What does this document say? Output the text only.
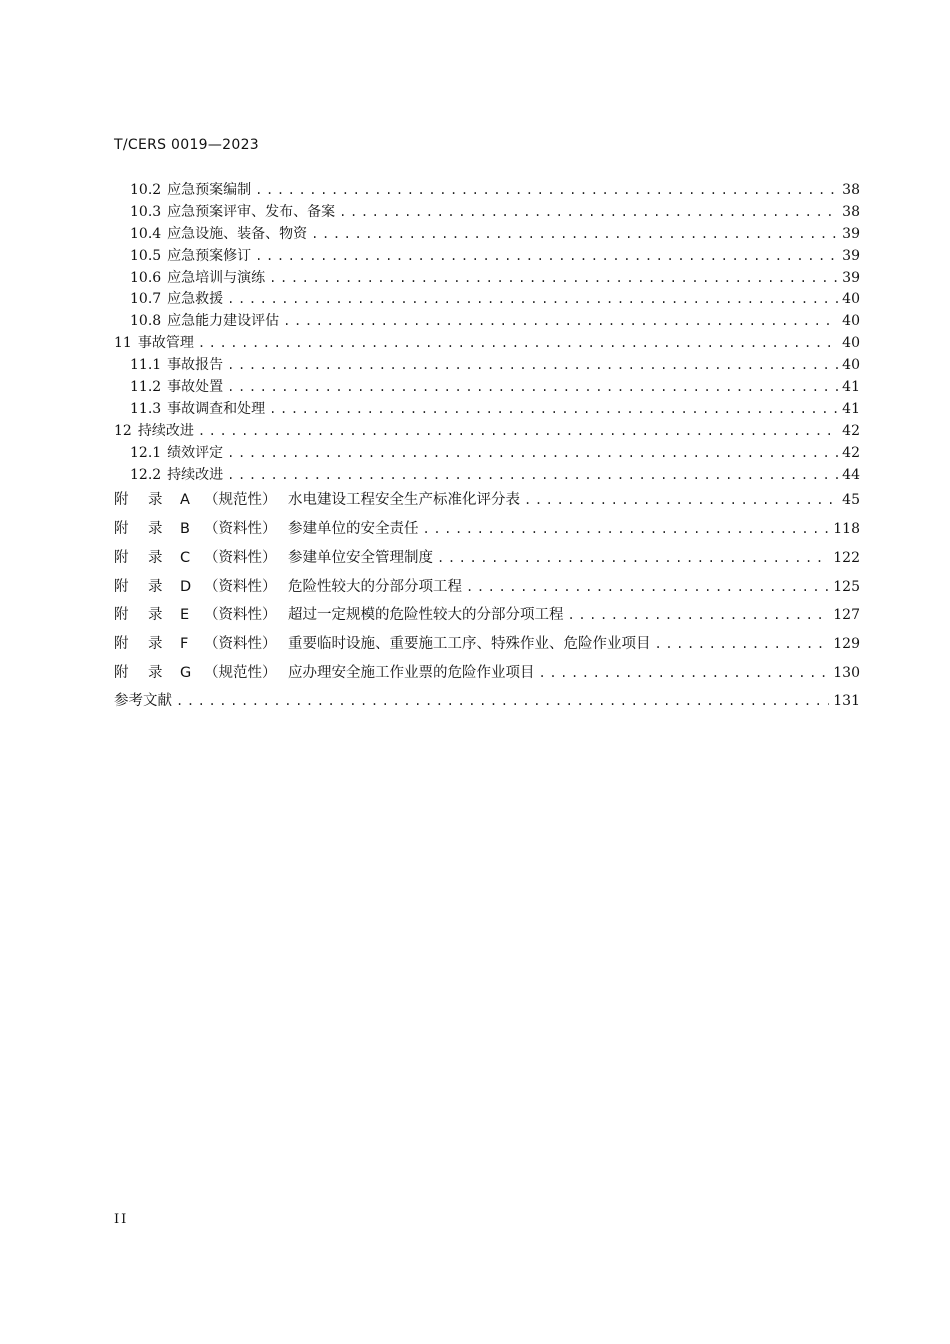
T/CERS 0019—2023
10.2 应急预案编制 .....	38
10.3 应急预案评审、发布、备案 .....	38
10.4 应急设施、装备、物资 .....	39
10.5 应急预案修订 .....	39
10.6 应急培训与演练 .....	39
10.7 应急救援 .....	40
10.8 应急能力建设评估 .....	40
11 事故管理 .....	40
11.1 事故报告 .....	40
11.2 事故处置 .....	41
11.3 事故调查和处理 .....	41
12 持续改进 .....	42
12.1 绩效评定 .....	42
12.2 持续改进 .....	44
附 录 A （规范性） 水电建设工程安全生产标准化评分表 .....	45
附 录 B （资料性） 参建单位的安全责任 .....	118
附 录 C （资料性） 参建单位安全管理制度 .....	122
附 录 D （资料性） 危险性较大的分部分项工程 .....	125
附 录 E （资料性） 超过一定规模的危险性较大的分部分项工程 .....	127
附 录 F （资料性） 重要临时设施、重要施工工序、特殊作业、危险作业项目 .....	129
附 录 G （规范性） 应办理安全施工作业票的危险作业项目 .....	130
参考文献 .....	131
II
